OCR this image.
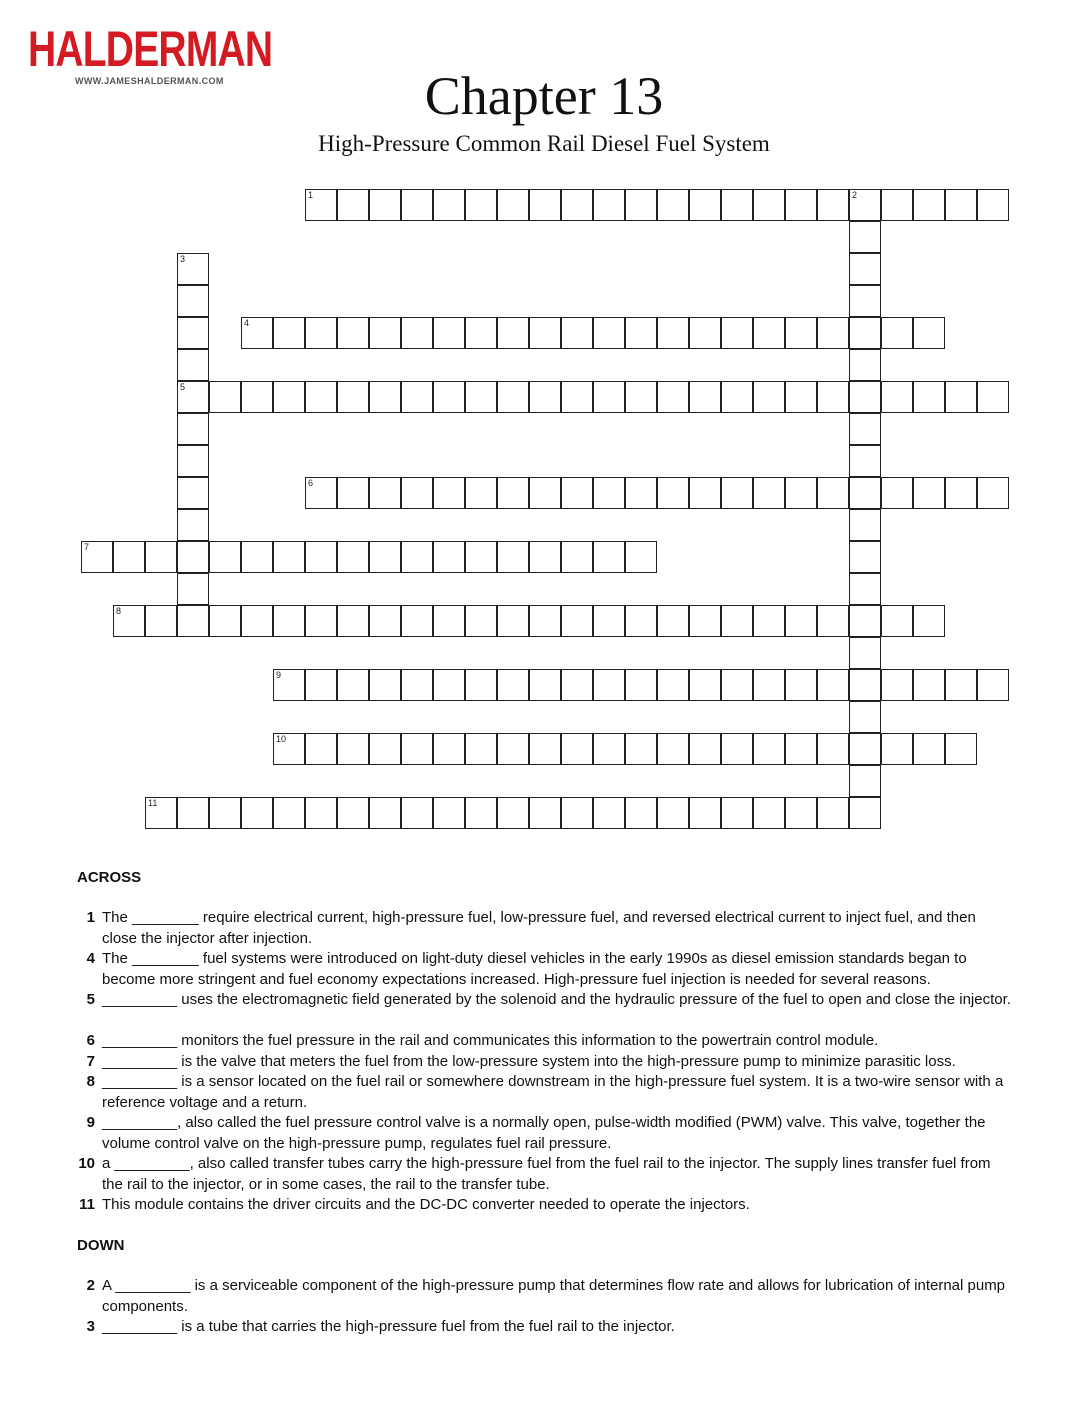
HALDERMAN
WWW.JAMESHALDERMAN.COM	Chapter 13
High-Pressure Common Rail Diesel Fuel System
1	2
3
5
4
6
7
8
9
10
11
ACROSS
1 The ________ require electrical current, high-pressure fuel, low-pressure fuel, and reversed electrical current to inject fuel, and then close the injector after injection.
4 The ________ fuel systems were introduced on light-duty diesel vehicles in the early 1990s as diesel emission standards began to become more stringent and fuel economy expectations increased. High-pressure fuel injection is needed for several reasons.
5 _________ uses the electromagnetic field generated by the solenoid and the hydraulic pressure of the fuel to open and close the injector.
6 _________ monitors the fuel pressure in the rail and communicates this information to the powertrain control module.
7 _________ is the valve that meters the fuel from the low-pressure system into the high-pressure pump to minimize parasitic loss.
8 _________ is a sensor located on the fuel rail or somewhere downstream in the high-pressure fuel system. It is a two-wire sensor with a reference voltage and a return.
9 _________, also called the fuel pressure control valve is a normally open, pulse-width modified (PWM) valve. This valve, together the volume control valve on the high-pressure pump, regulates fuel rail pressure.
10 a _________, also called transfer tubes carry the high-pressure fuel from the fuel rail to the injector. The supply lines transfer fuel from the rail to the injector, or in some cases, the rail to the transfer tube.
11 This module contains the driver circuits and the DC-DC converter needed to operate the injectors.
DOWN
2 A _________ is a serviceable component of the high-pressure pump that determines flow rate and allows for lubrication of internal pump components.
3 _________ is a tube that carries the high-pressure fuel from the fuel rail to the injector.
